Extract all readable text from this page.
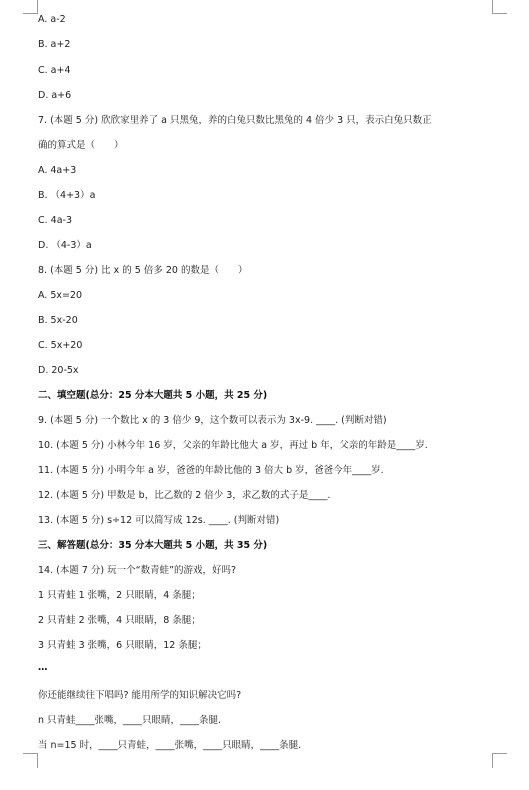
A. a-2
B. a+2
C. a+4
D. a+6
7. (本题 5 分) 欣欣家里养了 a 只黑兔，养的白兔只数比黑兔的 4 倍少 3 只，表示白兔只数正
确的算式是（　　）
A. 4a+3
B. （4+3）a
C. 4a-3
D. （4-3）a
8. (本题 5 分) 比 x 的 5 倍多 20 的数是（　　）
A. 5x=20
B. 5x-20
C. 5x+20
D. 20-5x
二、填空题(总分：25 分本大题共 5 小题，共 25 分)
9. (本题 5 分) 一个数比 x 的 3 倍少 9，这个数可以表示为 3x-9. ____. (判断对错)
10. (本题 5 分) 小林今年 16 岁，父亲的年龄比他大 a 岁，再过 b 年，父亲的年龄是____岁.
11. (本题 5 分) 小明今年 a 岁，爸爸的年龄比他的 3 倍大 b 岁，爸爸今年____岁.
12. (本题 5 分) 甲数是 b，比乙数的 2 倍少 3，求乙数的式子是____.
13. (本题 5 分) s÷12 可以简写成 12s. ____. (判断对错)
三、解答题(总分：35 分本大题共 5 小题，共 35 分)
14. (本题 7 分) 玩一个“数青蛙”的游戏，好吗?
1 只青蛙 1 张嘴，2 只眼睛，4 条腿；
2 只青蛙 2 张嘴，4 只眼睛，8 条腿；
3 只青蛙 3 张嘴，6 只眼睛，12 条腿；
…
你还能继续往下唱吗? 能用所学的知识解决它吗?
n 只青蛙____张嘴，____只眼睛，____条腿.
当 n=15 时，____只青蛙，____张嘴，____只眼睛，____条腿.
